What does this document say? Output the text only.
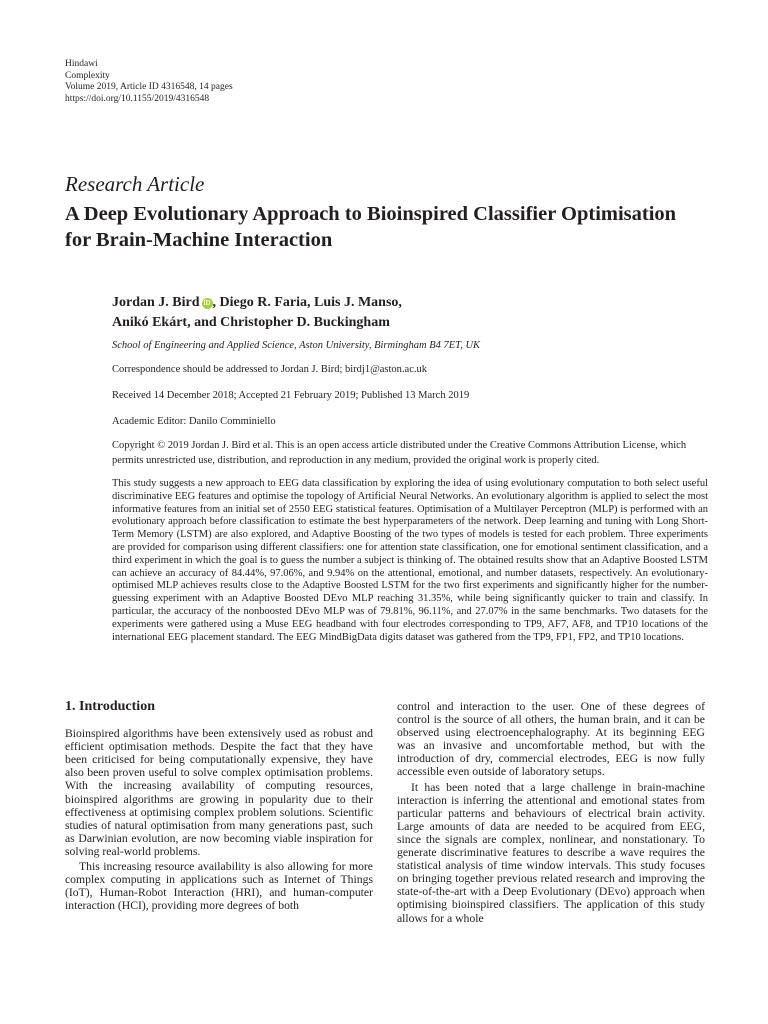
Hindawi
Complexity
Volume 2019, Article ID 4316548, 14 pages
https://doi.org/10.1155/2019/4316548
Research Article
A Deep Evolutionary Approach to Bioinspired Classifier Optimisation for Brain-Machine Interaction
Jordan J. Bird iD , Diego R. Faria, Luis J. Manso,
Anikó Ekárt, and Christopher D. Buckingham
School of Engineering and Applied Science, Aston University, Birmingham B4 7ET, UK
Correspondence should be addressed to Jordan J. Bird; birdj1@aston.ac.uk
Received 14 December 2018; Accepted 21 February 2019; Published 13 March 2019
Academic Editor: Danilo Comminiello
Copyright © 2019 Jordan J. Bird et al. This is an open access article distributed under the Creative Commons Attribution License, which permits unrestricted use, distribution, and reproduction in any medium, provided the original work is properly cited.
This study suggests a new approach to EEG data classification by exploring the idea of using evolutionary computation to both select useful discriminative EEG features and optimise the topology of Artificial Neural Networks. An evolutionary algorithm is applied to select the most informative features from an initial set of 2550 EEG statistical features. Optimisation of a Multilayer Perceptron (MLP) is performed with an evolutionary approach before classification to estimate the best hyperparameters of the network. Deep learning and tuning with Long Short-Term Memory (LSTM) are also explored, and Adaptive Boosting of the two types of models is tested for each problem. Three experiments are provided for comparison using different classifiers: one for attention state classification, one for emotional sentiment classification, and a third experiment in which the goal is to guess the number a subject is thinking of. The obtained results show that an Adaptive Boosted LSTM can achieve an accuracy of 84.44%, 97.06%, and 9.94% on the attentional, emotional, and number datasets, respectively. An evolutionary-optimised MLP achieves results close to the Adaptive Boosted LSTM for the two first experiments and significantly higher for the number-guessing experiment with an Adaptive Boosted DEvo MLP reaching 31.35%, while being significantly quicker to train and classify. In particular, the accuracy of the nonboosted DEvo MLP was of 79.81%, 96.11%, and 27.07% in the same benchmarks. Two datasets for the experiments were gathered using a Muse EEG headband with four electrodes corresponding to TP9, AF7, AF8, and TP10 locations of the international EEG placement standard. The EEG MindBigData digits dataset was gathered from the TP9, FP1, FP2, and TP10 locations.
1. Introduction

Bioinspired algorithms have been extensively used as robust and efficient optimisation methods. Despite the fact that they have been criticised for being computationally expensive, they have also been proven useful to solve complex optimisation problems. With the increasing availability of computing resources, bioinspired algorithms are growing in popularity due to their effectiveness at optimising complex problem solutions. Scientific studies of natural optimisation from many generations past, such as Darwinian evolution, are now becoming viable inspiration for solving real-world problems.

This increasing resource availability is also allowing for more complex computing in applications such as Internet of Things (IoT), Human-Robot Interaction (HRI), and human-computer interaction (HCI), providing more degrees of both

control and interaction to the user. One of these degrees of control is the source of all others, the human brain, and it can be observed using electroencephalography. At its beginning EEG was an invasive and uncomfortable method, but with the introduction of dry, commercial electrodes, EEG is now fully accessible even outside of laboratory setups.

It has been noted that a large challenge in brain-machine interaction is inferring the attentional and emotional states from particular patterns and behaviours of electrical brain activity. Large amounts of data are needed to be acquired from EEG, since the signals are complex, nonlinear, and nonstationary. To generate discriminative features to describe a wave requires the statistical analysis of time window intervals. This study focuses on bringing together previous related research and improving the state-of-the-art with a Deep Evolutionary (DEvo) approach when optimising bioinspired classifiers. The application of this study allows for a whole
